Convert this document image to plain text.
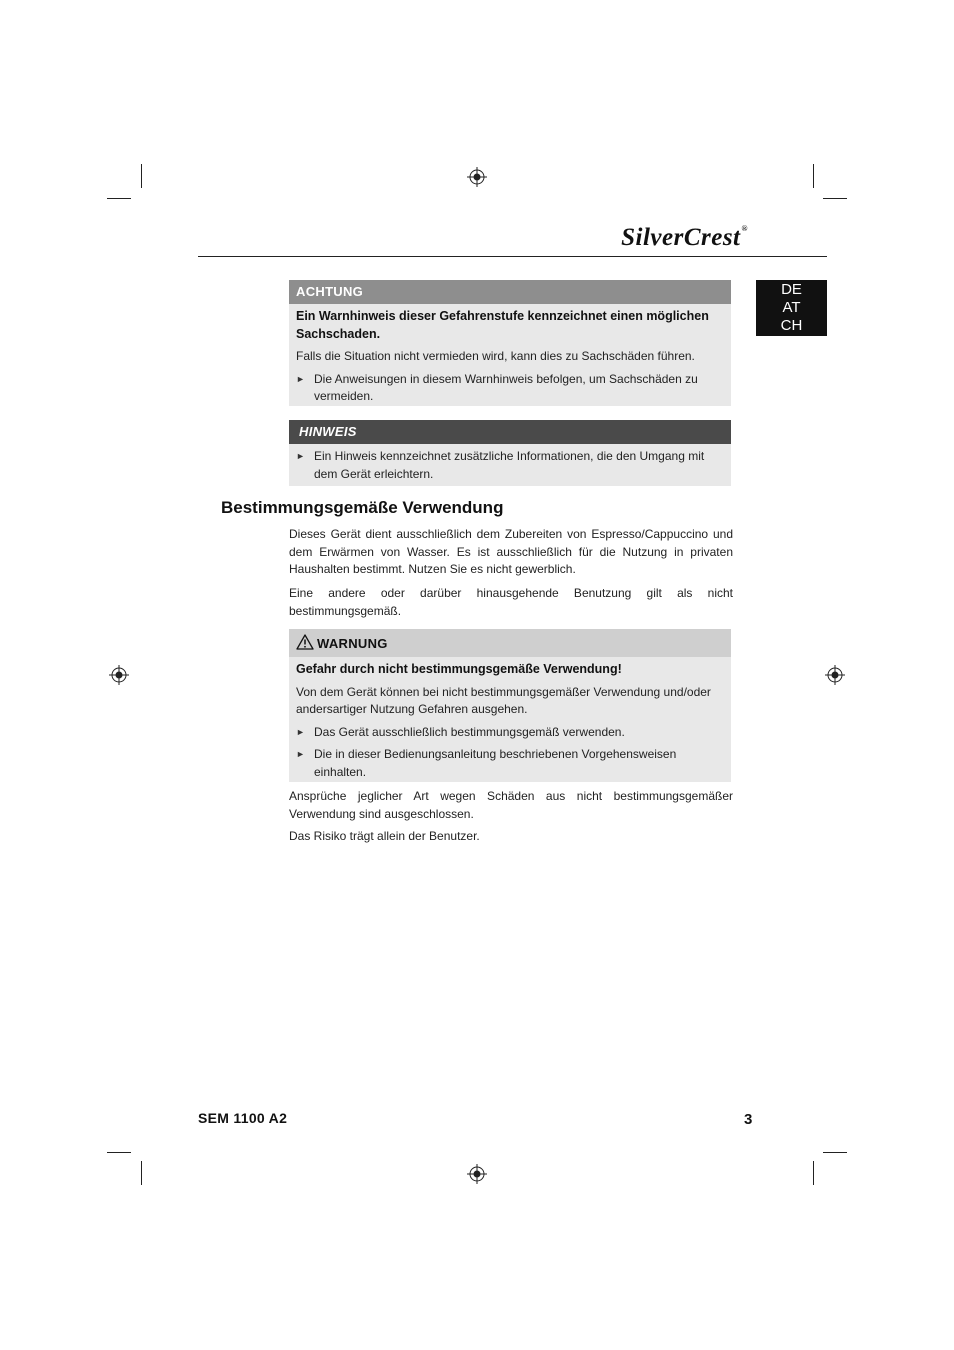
SilverCrest®
DE
AT
CH
ACHTUNG

Ein Warnhinweis dieser Gefahrenstufe kennzeichnet einen möglichen Sachschaden.

Falls die Situation nicht vermieden wird, kann dies zu Sachschäden führen.

► Die Anweisungen in diesem Warnhinweis befolgen, um Sachschäden zu vermeiden.
HINWEIS
► Ein Hinweis kennzeichnet zusätzliche Informationen, die den Umgang mit dem Gerät erleichtern.
Bestimmungsgemäße Verwendung

Dieses Gerät dient ausschließlich dem Zubereiten von Espresso/Cappuccino und dem Erwärmen von Wasser. Es ist ausschließlich für die Nutzung in privaten Haushalten bestimmt. Nutzen Sie es nicht gewerblich.

Eine andere oder darüber hinausgehende Benutzung gilt als nicht bestimmungsgemäß.

WARNUNG

Gefahr durch nicht bestimmungsgemäße Verwendung!

Von dem Gerät können bei nicht bestimmungsgemäßer Verwendung und/oder andersartiger Nutzung Gefahren ausgehen.

► Das Gerät ausschließlich bestimmungsgemäß verwenden.
► Die in dieser Bedienungsanleitung beschriebenen Vorgehensweisen einhalten.

Ansprüche jeglicher Art wegen Schäden aus nicht bestimmungsgemäßer Verwendung sind ausgeschlossen.

Das Risiko trägt allein der Benutzer.

SEM 1100 A2	3
